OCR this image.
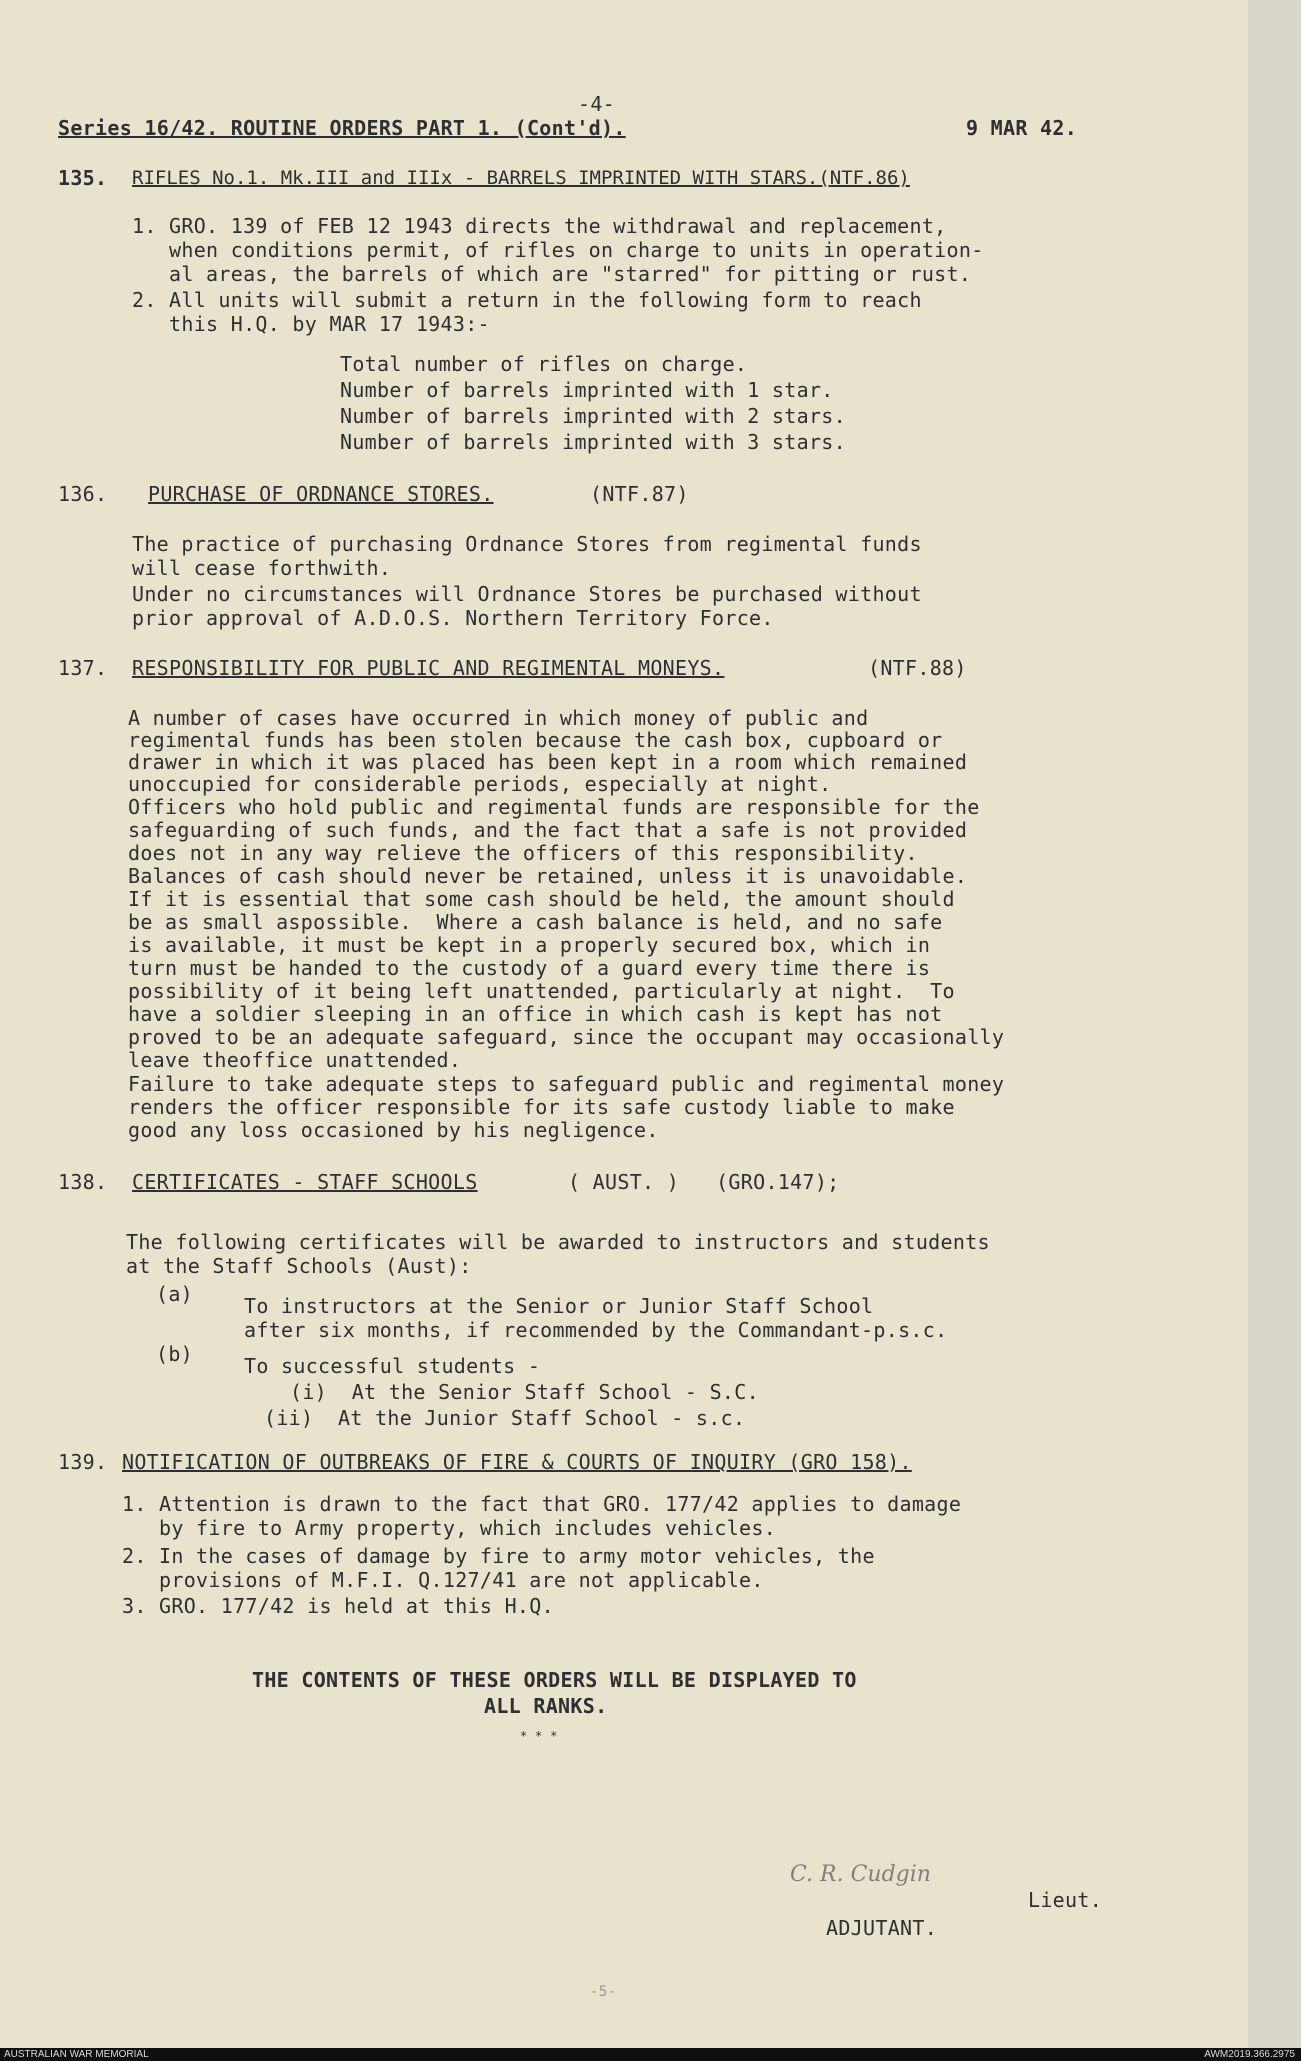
-4-
Series 16/42. ROUTINE ORDERS PART 1. (Cont'd).	9 MAR 42.
135. RIFLES No.1. Mk.III and IIIx - BARRELS IMPRINTED WITH STARS.(NTF.86)
1. GRO. 139 of FEB 12 1943 directs the withdrawal and replacement,
when conditions permit, of rifles on charge to units in operation-
al areas, the barrels of which are "starred" for pitting or rust.
2. All units will submit a return in the following form to reach
this H.Q. by MAR 17 1943:-
Total number of rifles on charge.
Number of barrels imprinted with 1 star.
Number of barrels imprinted with 2 stars.
Number of barrels imprinted with 3 stars.
136. PURCHASE OF ORDNANCE STORES.	(NTF.87)
The practice of purchasing Ordnance Stores from regimental funds
will cease forthwith.
Under no circumstances will Ordnance Stores be purchased without
prior approval of A.D.O.S. Northern Territory Force.
137. RESPONSIBILITY FOR PUBLIC AND REGIMENTAL MONEYS.	(NTF.88)
A number of cases have occurred in which money of public and
regimental funds has been stolen because the cash box, cupboard or
drawer in which it was placed has been kept in a room which remained
unoccupied for considerable periods, especially at night.
Officers who hold public and regimental funds are responsible for the
safeguarding of such funds, and the fact that a safe is not provided
does not in any way relieve the officers of this responsibility.
Balances of cash should never be retained, unless it is unavoidable.
If it is essential that some cash should be held, the amount should
be as small aspossible.  Where a cash balance is held, and no safe
is available, it must be kept in a properly secured box, which in
turn must be handed to the custody of a guard every time there is
possibility of it being left unattended, particularly at night.  To
have a soldier sleeping in an office in which cash is kept has not
proved to be an adequate safeguard, since the occupant may occasionally
leave theoffice unattended.
Failure to take adequate steps to safeguard public and regimental money
renders the officer responsible for its safe custody liable to make
good any loss occasioned by his negligence.
138. CERTIFICATES - STAFF SCHOOLS	( AUST. )   (GRO.147);
The following certificates will be awarded to instructors and students
at the Staff Schools (Aust):
(a)	To instructors at the Senior or Junior Staff School
after six months, if recommended by the Commandant-p.s.c.
(b)	To successful students -
(i)  At the Senior Staff School - S.C.
(ii)  At the Junior Staff School - s.c.
139. NOTIFICATION OF OUTBREAKS OF FIRE & COURTS OF INQUIRY (GRO 158).
1. Attention is drawn to the fact that GRO. 177/42 applies to damage
by fire to Army property, which includes vehicles.
2. In the cases of damage by fire to army motor vehicles, the
provisions of M.F.I. Q.127/41 are not applicable.
3. GRO. 177/42 is held at this H.Q.
THE CONTENTS OF THESE ORDERS WILL BE DISPLAYED TO
ALL RANKS.
* * *
C. R. Cudgin
Lieut.
ADJUTANT.
-5-
AUSTRALIAN WAR MEMORIAL	AWM2019.366.2975
